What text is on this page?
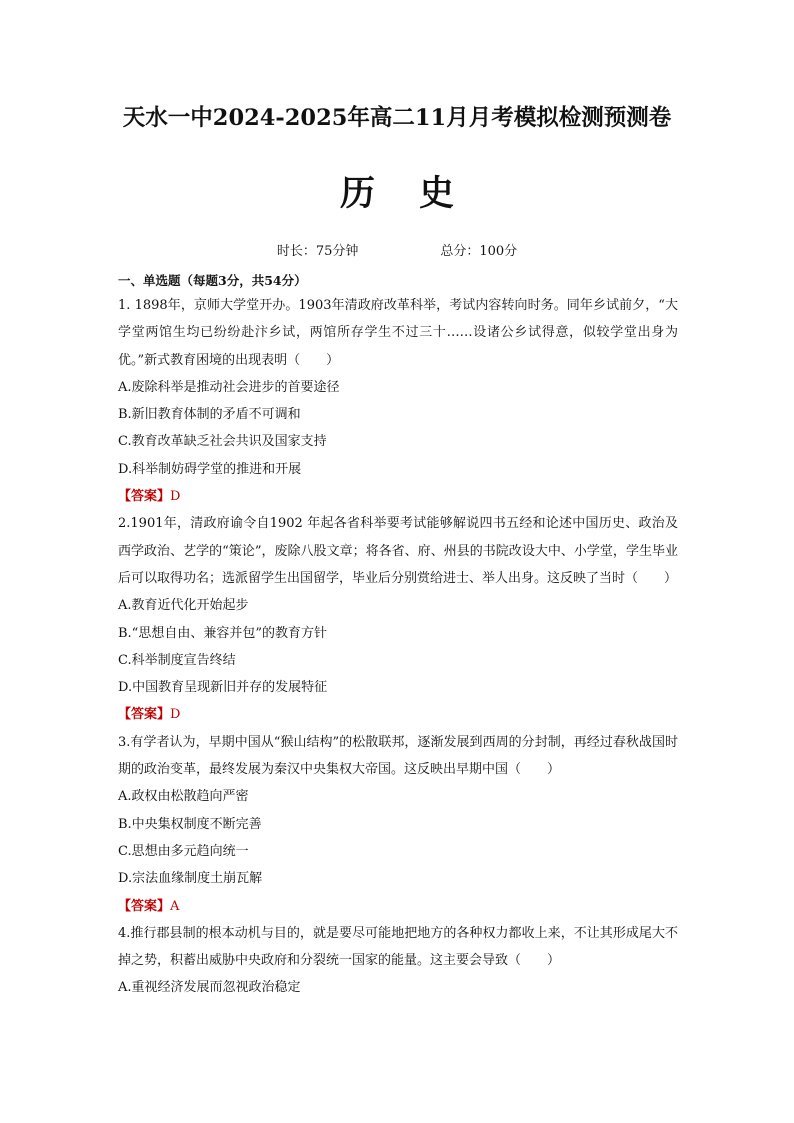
天水一中2024-2025年高二11月月考模拟检测预测卷
历 史
时长：75分钟	总分：100分

一、单选题（每题3分，共54分）

1. 1898年，京师大学堂开办。1903年清政府改革科举，考试内容转向时务。同年乡试前夕，“大学堂两馆生均已纷纷赴汴乡试，两馆所存学生不过三十……设诸公乡试得意，似较学堂出身为优。”新式教育困境的出现表明（　　）

A.废除科举是推动社会进步的首要途径

B.新旧教育体制的矛盾不可调和

C.教育改革缺乏社会共识及国家支持

D.科举制妨碍学堂的推进和开展

【答案】D

2.1901年，清政府谕令自1902 年起各省科举要考试能够解说四书五经和论述中国历史、政治及西学政治、艺学的“策论”，废除八股文章；将各省、府、州县的书院改设大中、小学堂，学生毕业后可以取得功名；选派留学生出国留学，毕业后分别赏给进士、举人出身。这反映了当时（　　）

A.教育近代化开始起步

B.“思想自由、兼容并包”的教育方针

C.科举制度宣告终结

D.中国教育呈现新旧并存的发展特征

【答案】D

3.有学者认为，早期中国从“猴山结构”的松散联邦，逐渐发展到西周的分封制，再经过春秋战国时期的政治变革，最终发展为秦汉中央集权大帝国。这反映出早期中国（　　）

A.政权由松散趋向严密

B.中央集权制度不断完善

C.思想由多元趋向统一

D.宗法血缘制度土崩瓦解

【答案】A

4.推行郡县制的根本动机与目的，就是要尽可能地把地方的各种权力都收上来，不让其形成尾大不掉之势，积蓄出威胁中央政府和分裂统一国家的能量。这主要会导致（　　）

A.重视经济发展而忽视政治稳定
